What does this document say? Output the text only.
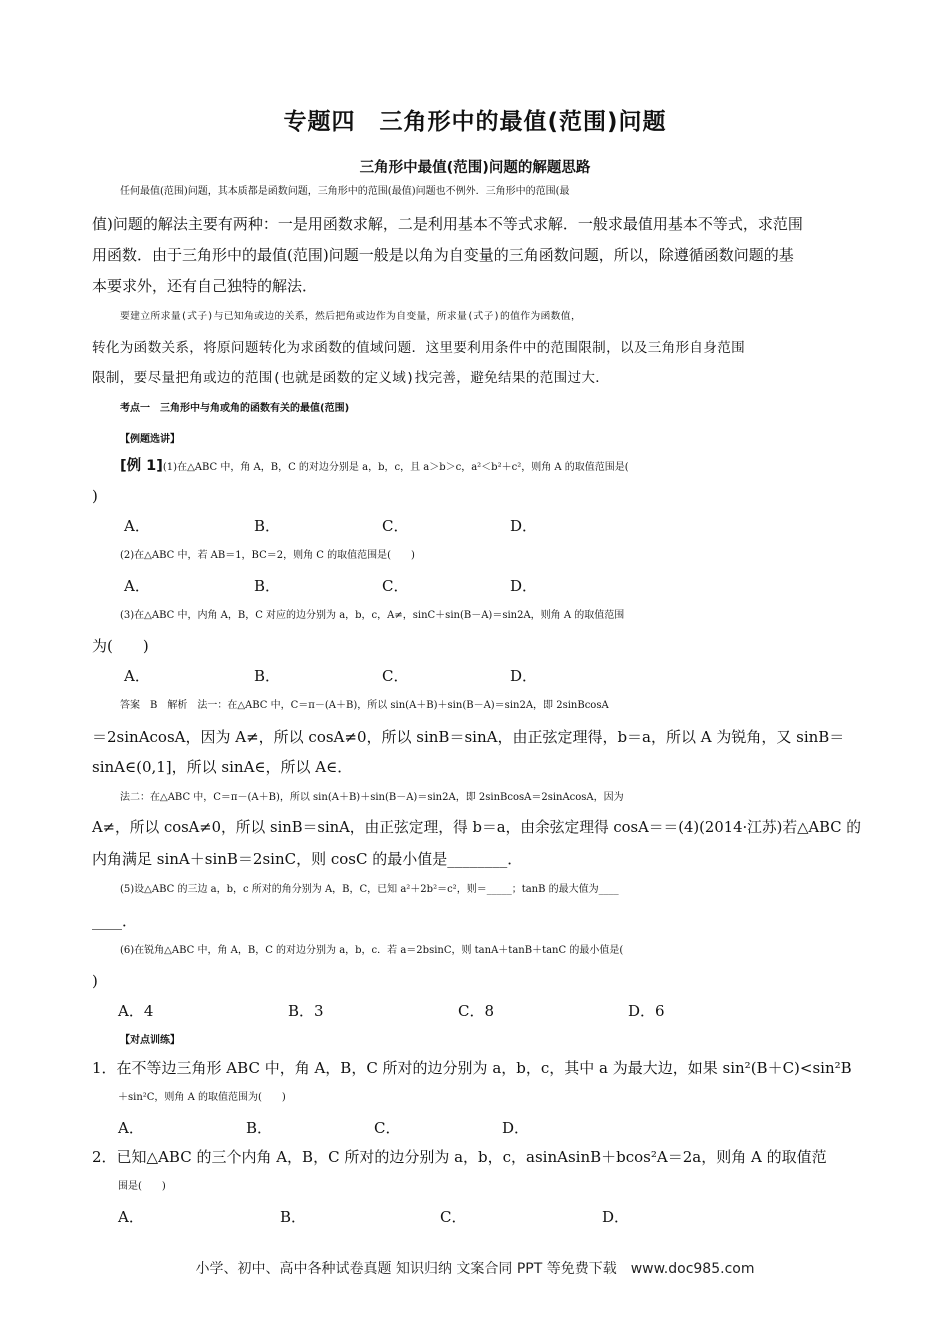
专题四　三角形中的最值(范围)问题
三角形中最值(范围)问题的解题思路
任何最值(范围)问题，其本质都是函数问题，三角形中的范围(最值)问题也不例外．三角形中的范围(最
值)问题的解法主要有两种：一是用函数求解，二是利用基本不等式求解．一般求最值用基本不等式，求范围
用函数．由于三角形中的最值(范围)问题一般是以角为自变量的三角函数问题，所以，除遵循函数问题的基
本要求外，还有自己独特的解法．
要建立所求量(式子)与已知角或边的关系，然后把角或边作为自变量，所求量(式子)的值作为函数值，
转化为函数关系，将原问题转化为求函数的值域问题．这里要利用条件中的范围限制，以及三角形自身范围
限制，要尽量把角或边的范围(也就是函数的定义域)找完善，避免结果的范围过大．
考点一　三角形中与角或角的函数有关的最值(范围)
【例题选讲】
[例 1](1)在△ABC 中，角 A，B，C 的对边分别是 a，b，c，且 a＞b＞c，a²＜b²＋c²，则角 A 的取值范围是(
)
A．	B．	C．	D．
(2)在△ABC 中，若 AB＝1，BC＝2，则角 C 的取值范围是(　　)
A．	B．	C．	D．
(3)在△ABC 中，内角 A，B，C 对应的边分别为 a，b，c，A≠，sinC＋sin(B－A)＝sin2A，则角 A 的取值范围
为(　　)
A．	B．	C．	D．
答案　B　解析　法一：在△ABC 中，C＝π－(A＋B)，所以 sin(A＋B)＋sin(B－A)＝sin2A，即 2sinBcosA
＝2sinAcosA，因为 A≠，所以 cosA≠0，所以 sinB＝sinA，由正弦定理得，b＝a，所以 A 为锐角，又 sinB＝
sinA∈(0,1]，所以 sinA∈，所以 A∈．
法二：在△ABC 中，C＝π－(A＋B)，所以 sin(A＋B)＋sin(B－A)＝sin2A，即 2sinBcosA＝2sinAcosA，因为
A≠，所以 cosA≠0，所以 sinB＝sinA，由正弦定理，得 b＝a，由余弦定理得 cosA＝＝(4)(2014·江苏)若△ABC 的
内角满足 sinA＋sinB＝2sinC，则 cosC 的最小值是________．
(5)设△ABC 的三边 a，b，c 所对的角分别为 A，B，C，已知 a²＋2b²＝c²，则＝_____；tanB 的最大值为____
____．
(6)在锐角△ABC 中，角 A，B，C 的对边分别为 a，b，c．若 a＝2bsinC，则 tanA＋tanB＋tanC 的最小值是(
)
A．4	B．3	C．8	D．6
【对点训练】
1．在不等边三角形 ABC 中，角 A，B，C 所对的边分别为 a，b，c，其中 a 为最大边，如果 sin²(B＋C)<sin²B
＋sin²C，则角 A 的取值范围为(　　)
A．	B．	C．	D．
2．已知△ABC 的三个内角 A，B，C 所对的边分别为 a，b，c，asinAsinB＋bcos²A＝2a，则角 A 的取值范
围是(　　)
A．	B．	C．	D．
小学、初中、高中各种试卷真题 知识归纳 文案合同 PPT 等免费下载　www.doc985.com
